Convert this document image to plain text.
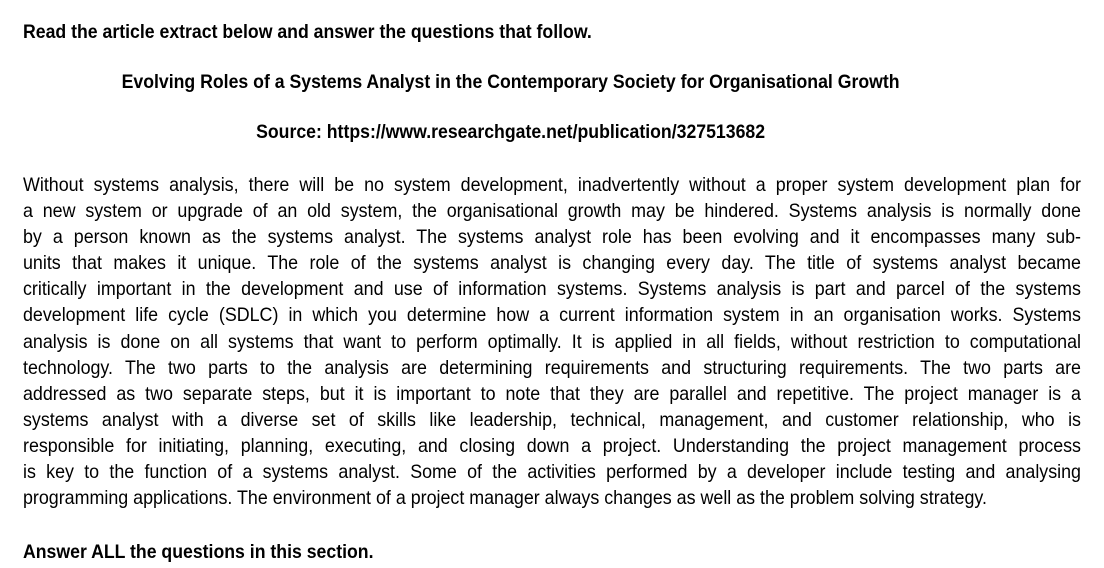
Read the article extract below and answer the questions that follow.
Evolving Roles of a Systems Analyst in the Contemporary Society for Organisational Growth
Source: https://www.researchgate.net/publication/327513682
Without systems analysis, there will be no system development, inadvertently without a proper system development plan for
a new system or upgrade of an old system, the organisational growth may be hindered. Systems analysis is normally done
by a person known as the systems analyst. The systems analyst role has been evolving and it encompasses many sub-
units that makes it unique. The role of the systems analyst is changing every day. The title of systems analyst became
critically important in the development and use of information systems. Systems analysis is part and parcel of the systems
development life cycle (SDLC) in which you determine how a current information system in an organisation works. Systems
analysis is done on all systems that want to perform optimally. It is applied in all fields, without restriction to computational
technology. The two parts to the analysis are determining requirements and structuring requirements. The two parts are
addressed as two separate steps, but it is important to note that they are parallel and repetitive. The project manager is a
systems analyst with a diverse set of skills like leadership, technical, management, and customer relationship, who is
responsible for initiating, planning, executing, and closing down a project. Understanding the project management process
is key to the function of a systems analyst. Some of the activities performed by a developer include testing and analysing
programming applications. The environment of a project manager always changes as well as the problem solving strategy.
Answer ALL the questions in this section.
